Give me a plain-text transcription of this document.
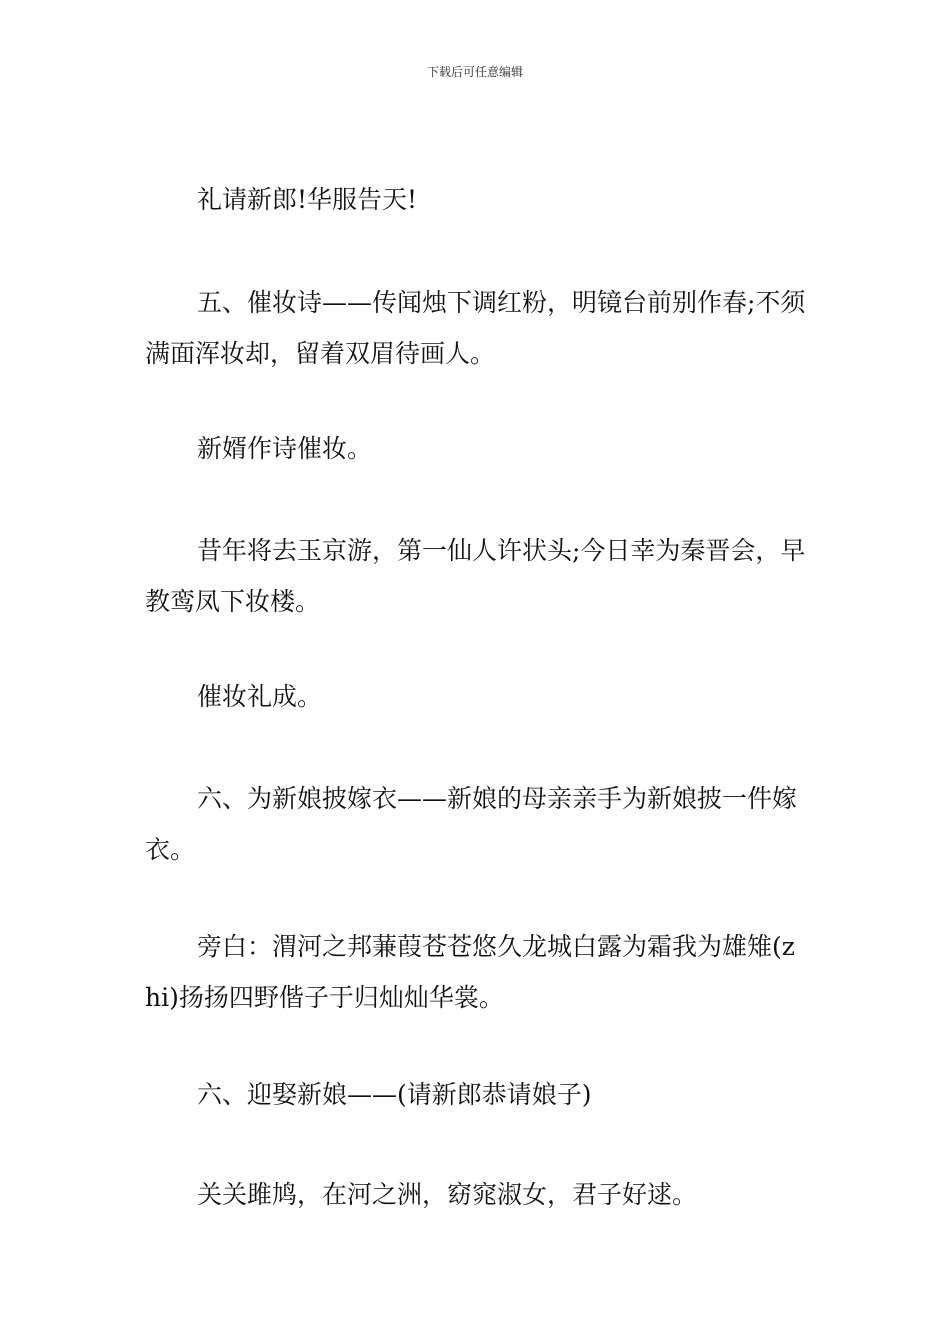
下载后可任意编辑

礼请新郎!华服告天!

五、催妆诗——传闻烛下调红粉，明镜台前别作春;不须满面浑妆却，留着双眉待画人。

新婿作诗催妆。

昔年将去玉京游，第一仙人许状头;今日幸为秦晋会，早教鸾凤下妆楼。

催妆礼成。

六、为新娘披嫁衣——新娘的母亲亲手为新娘披一件嫁衣。

旁白：渭河之邦蒹葭苍苍悠久龙城白露为霜我为雄雉(zhi)扬扬四野偕子于归灿灿华裳。

六、迎娶新娘——(请新郎恭请娘子)

关关雎鸠，在河之洲，窈窕淑女，君子好逑。
